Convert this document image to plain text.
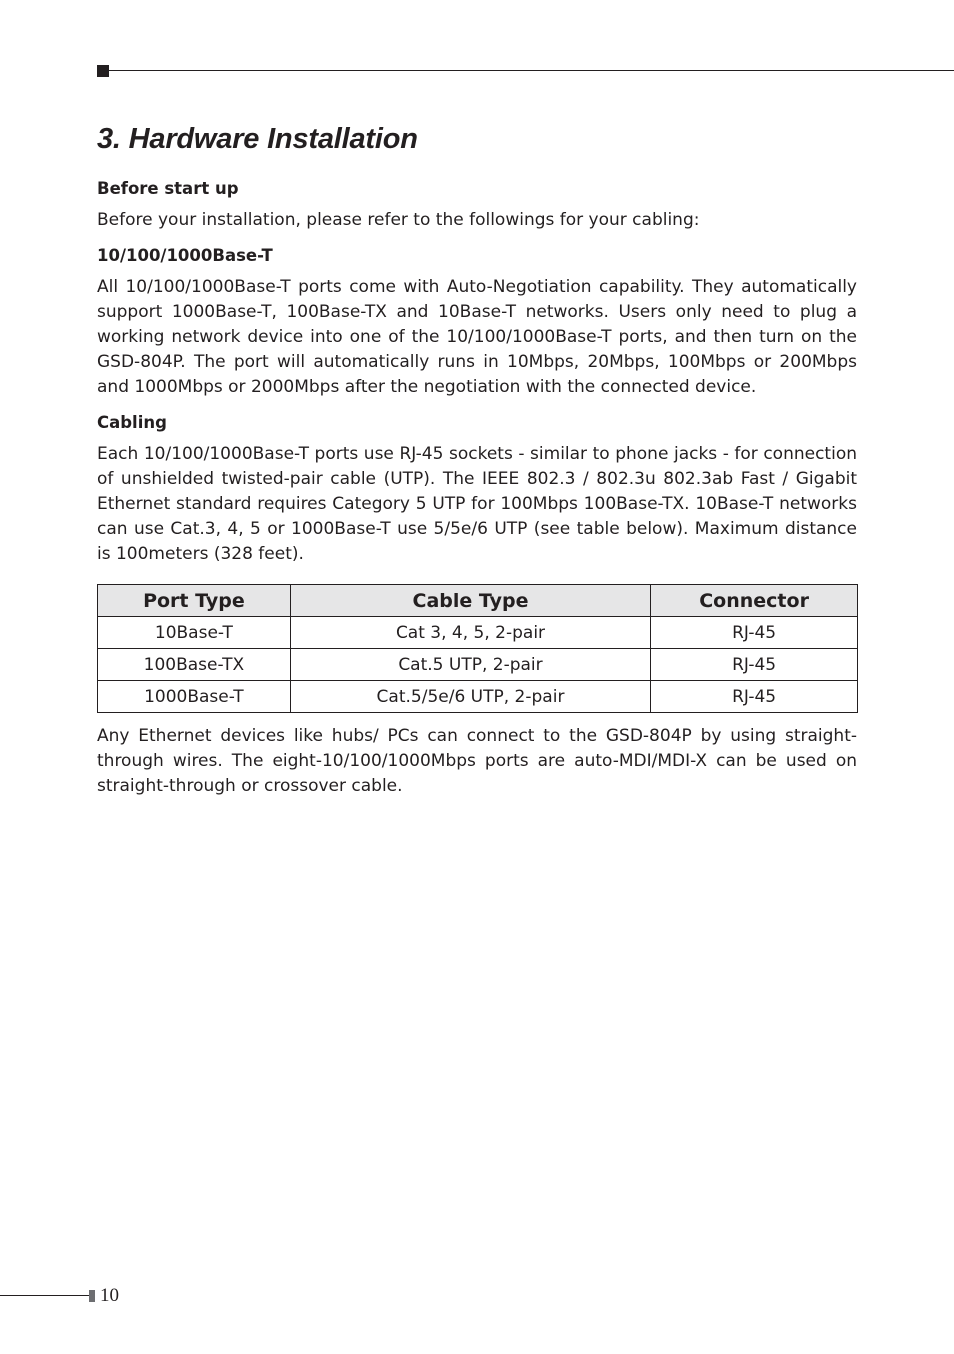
3. Hardware Installation
Before start up

Before your installation, please refer to the followings for your cabling:

10/100/1000Base-T

All 10/100/1000Base-T ports come with Auto-Negotiation capability. They automatically support 1000Base-T, 100Base-TX and 10Base-T networks. Users only need to plug a working network device into one of the 10/100/1000Base-T ports, and then turn on the GSD-804P. The port will automatically runs in 10Mbps, 20Mbps, 100Mbps or 200Mbps and 1000Mbps or 2000Mbps after the negotiation with the connected device.

Cabling

Each 10/100/1000Base-T ports use RJ-45 sockets - similar to phone jacks - for connection of unshielded twisted-pair cable (UTP). The IEEE 802.3 / 802.3u 802.3ab Fast / Gigabit Ethernet standard requires Category 5 UTP for 100Mbps 100Base-TX. 10Base-T networks can use Cat.3, 4, 5 or 1000Base-T use 5/5e/6 UTP (see table below). Maximum distance is 100meters (328 feet).

Port Type	Cable Type	Connector
10Base-T	Cat 3, 4, 5, 2-pair	RJ-45
100Base-TX	Cat.5 UTP, 2-pair	RJ-45
1000Base-T	Cat.5/5e/6 UTP, 2-pair	RJ-45

Any Ethernet devices like hubs/ PCs can connect to the GSD-804P by using straight-through wires. The eight-10/100/1000Mbps ports are auto-MDI/MDI-X can be used on straight-through or crossover cable.

10
